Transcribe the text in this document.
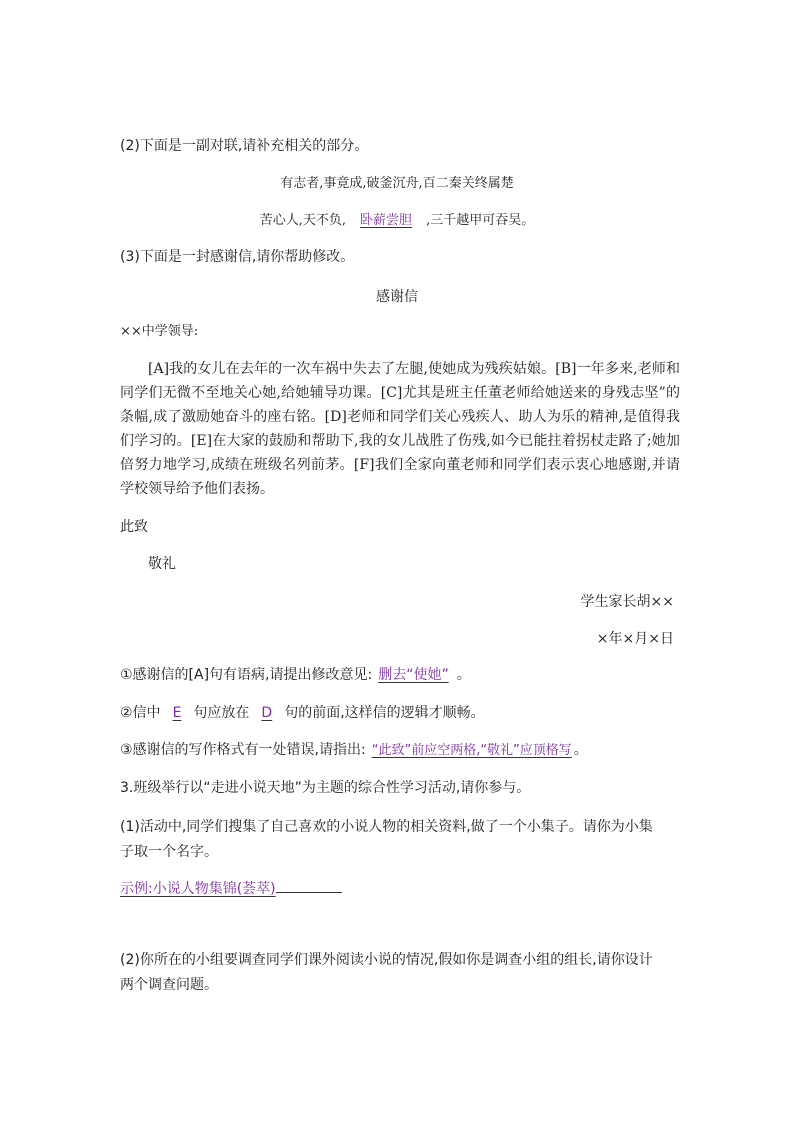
(2)下面是一副对联,请补充相关的部分。
有志者,事竟成,破釜沉舟,百二秦关终属楚
苦心人,天不负, 卧薪尝胆 ,三千越甲可吞吴。
(3)下面是一封感谢信,请你帮助修改。
感谢信
××中学领导:
[A]我的女儿在去年的一次车祸中失去了左腿,使她成为残疾姑娘。[B]一年多来,老师和同学们无微不至地关心她,给她辅导功课。[C]尤其是班主任董老师给她送来的身残志坚”的条幅,成了激励她奋斗的座右铭。[D]老师和同学们关心残疾人、助人为乐的精神,是值得我们学习的。[E]在大家的鼓励和帮助下,我的女儿战胜了伤残,如今已能拄着拐杖走路了;她加倍努力地学习,成绩在班级名列前茅。[F]我们全家向董老师和同学们表示衷心地感谢,并请学校领导给予他们表扬。
此致
敬礼
学生家长胡××
×年×月×日
①感谢信的[A]句有语病,请提出修改意见: 删去“使她” 。
②信中 E 句应放在 D 句的前面,这样信的逻辑才顺畅。
③感谢信的写作格式有一处错误,请指出: “此致”前应空两格,“敬礼”应顶格写 。
3.班级举行以“走进小说天地”为主题的综合性学习活动,请你参与。
(1)活动中,同学们搜集了自己喜欢的小说人物的相关资料,做了一个小集子。请你为小集
子取一个名字。
示例:小说人物集锦(荟萃)
(2)你所在的小组要调查同学们课外阅读小说的情况,假如你是调查小组的组长,请你设计
两个调查问题。
